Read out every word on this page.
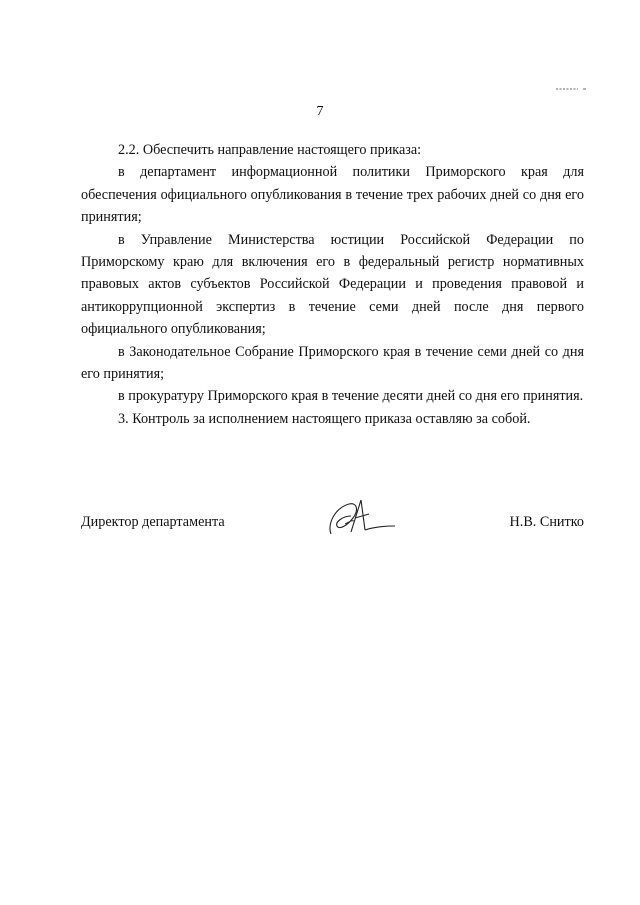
7

2.2. Обеспечить направление настоящего приказа:

в департамент информационной политики Приморского края для обеспечения официального опубликования в течение трех рабочих дней со дня его принятия;

в Управление Министерства юстиции Российской Федерации по Приморскому краю для включения его в федеральный регистр нормативных правовых актов субъектов Российской Федерации и проведения правовой и антикоррупционной экспертиз в течение семи дней после дня первого официального опубликования;

в Законодательное Собрание Приморского края в течение семи дней со дня его принятия;

в прокуратуру Приморского края в течение десяти дней со дня его принятия.

3. Контроль за исполнением настоящего приказа оставляю за собой.

Директор департамента	Н.В. Снитко
